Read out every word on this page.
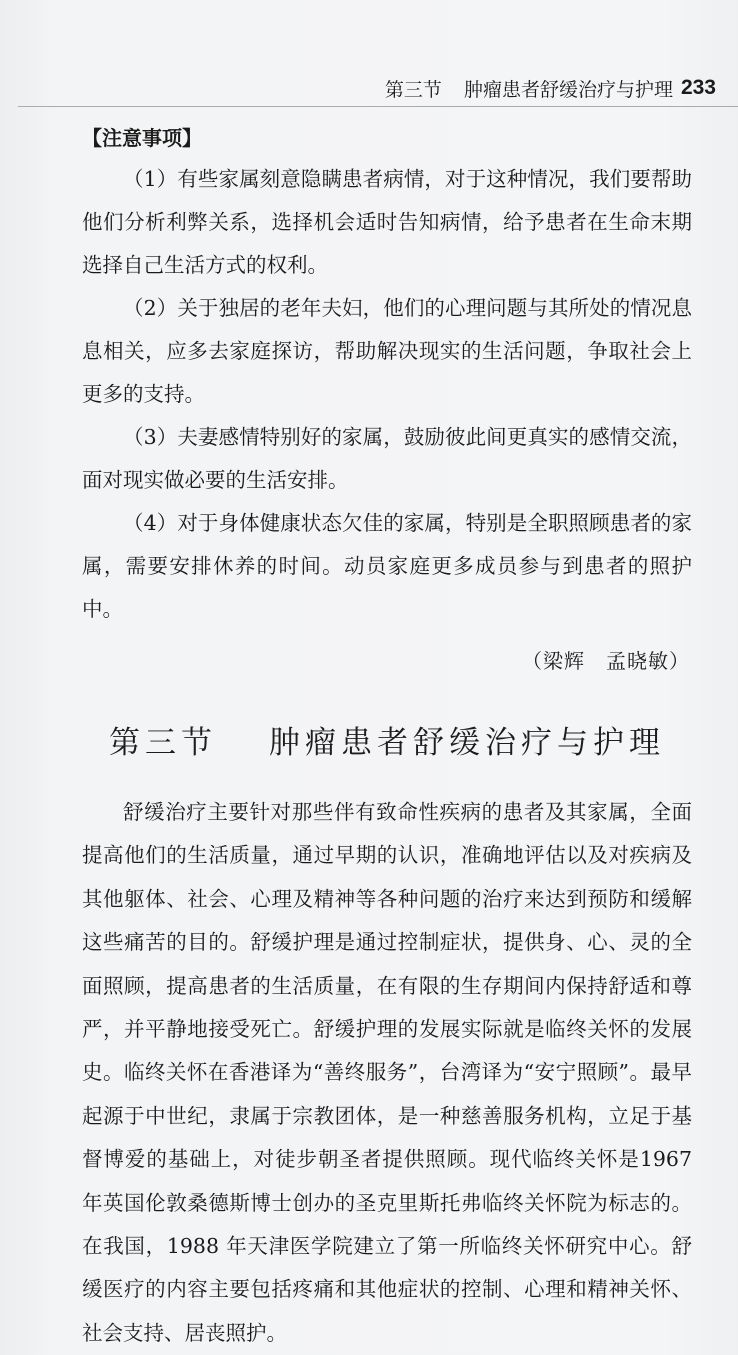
第三节 肿瘤患者舒缓治疗与护理 233
【注意事项】

（1）有些家属刻意隐瞒患者病情，对于这种情况，我们要帮助他们分析利弊关系，选择机会适时告知病情，给予患者在生命末期选择自己生活方式的权利。

（2）关于独居的老年夫妇，他们的心理问题与其所处的情况息息相关，应多去家庭探访，帮助解决现实的生活问题，争取社会上更多的支持。

（3）夫妻感情特别好的家属，鼓励彼此间更真实的感情交流，面对现实做必要的生活安排。

（4）对于身体健康状态欠佳的家属，特别是全职照顾患者的家属，需要安排休养的时间。动员家庭更多成员参与到患者的照护中。

（梁辉　孟晓敏）
第三节 肿瘤患者舒缓治疗与护理

舒缓治疗主要针对那些伴有致命性疾病的患者及其家属，全面提高他们的生活质量，通过早期的认识，准确地评估以及对疾病及其他躯体、社会、心理及精神等各种问题的治疗来达到预防和缓解这些痛苦的目的。舒缓护理是通过控制症状，提供身、心、灵的全面照顾，提高患者的生活质量，在有限的生存期间内保持舒适和尊严，并平静地接受死亡。舒缓护理的发展实际就是临终关怀的发展史。临终关怀在香港译为“善终服务”，台湾译为“安宁照顾”。最早起源于中世纪，隶属于宗教团体，是一种慈善服务机构，立足于基督博爱的基础上，对徒步朝圣者提供照顾。现代临终关怀是1967 年英国伦敦桑德斯博士创办的圣克里斯托弗临终关怀院为标志的。在我国，1988 年天津医学院建立了第一所临终关怀研究中心。舒缓医疗的内容主要包括疼痛和其他症状的控制、心理和精神关怀、社会支持、居丧照护。
